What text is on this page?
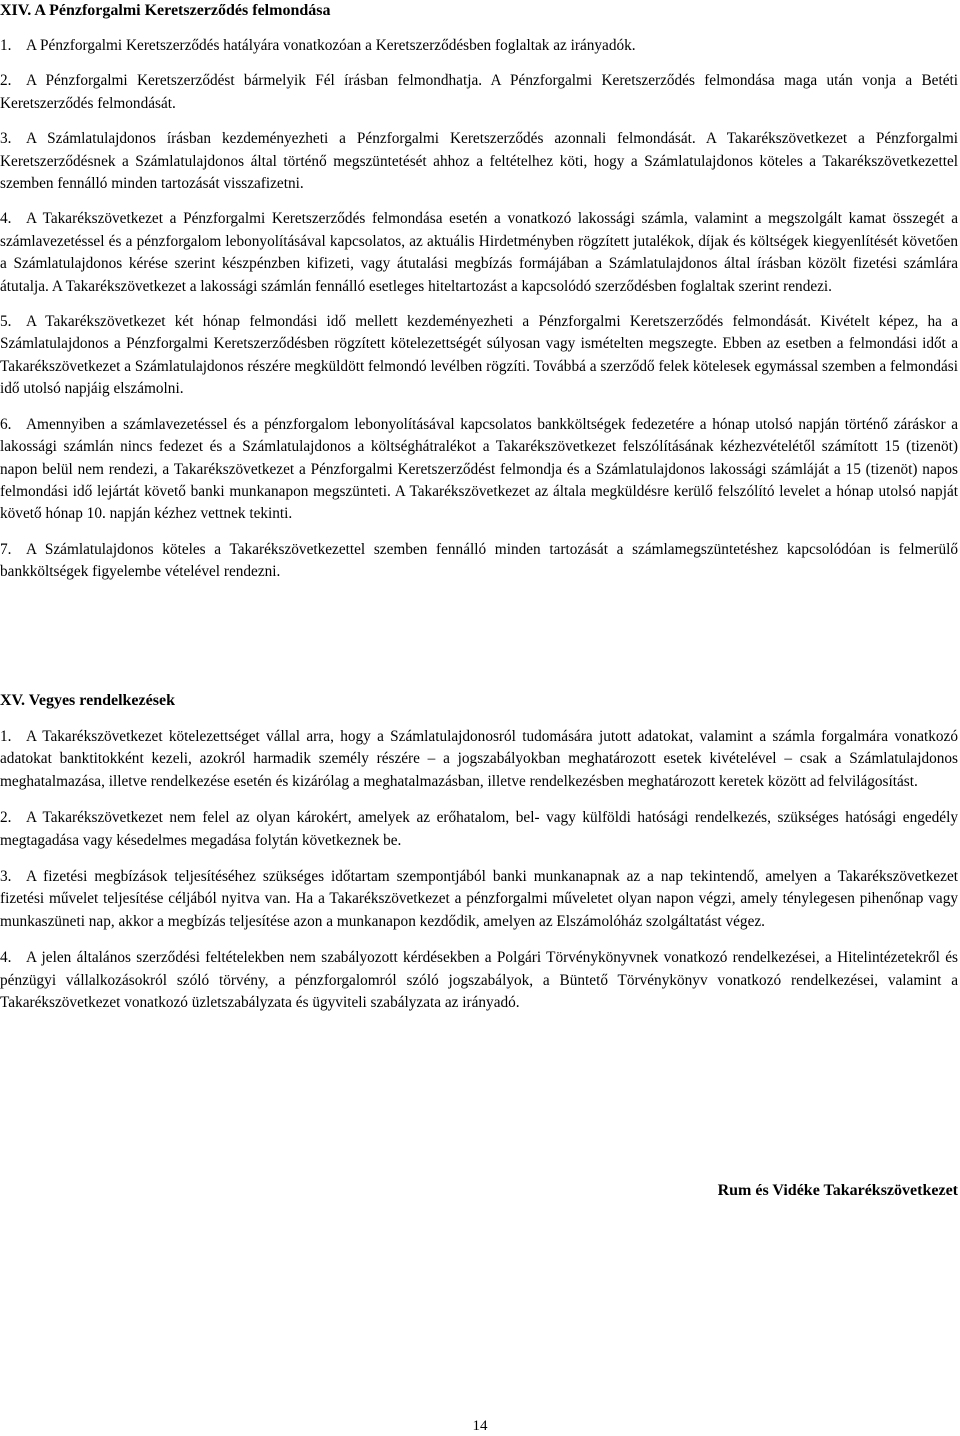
XIV. A Pénzforgalmi Keretszerződés felmondása

1. A Pénzforgalmi Keretszerződés hatályára vonatkozóan a Keretszerződésben foglaltak az irányadók.

2. A Pénzforgalmi Keretszerződést bármelyik Fél írásban felmondhatja. A Pénzforgalmi Keretszerződés felmondása maga után vonja a Betéti Keretszerződés felmondását.

3. A Számlatulajdonos írásban kezdeményezheti a Pénzforgalmi Keretszerződés azonnali felmondását. A Takarékszövetkezet a Pénzforgalmi Keretszerződésnek a Számlatulajdonos által történő megszüntetését ahhoz a feltételhez köti, hogy a Számlatulajdonos köteles a Takarékszövetkezettel szemben fennálló minden tartozását visszafizetni.

4. A Takarékszövetkezet a Pénzforgalmi Keretszerződés felmondása esetén a vonatkozó lakossági számla, valamint a megszolgált kamat összegét a számlavezetéssel és a pénzforgalom lebonyolításával kapcsolatos, az aktuális Hirdetményben rögzített jutalékok, díjak és költségek kiegyenlítését követően a Számlatulajdonos kérése szerint készpénzben kifizeti, vagy átutalási megbízás formájában a Számlatulajdonos által írásban közölt fizetési számlára átutalja. A Takarékszövetkezet a lakossági számlán fennálló esetleges hiteltartozást a kapcsolódó szerződésben foglaltak szerint rendezi.

5. A Takarékszövetkezet két hónap felmondási idő mellett kezdeményezheti a Pénzforgalmi Keretszerződés felmondását. Kivételt képez, ha a Számlatulajdonos a Pénzforgalmi Keretszerződésben rögzített kötelezettségét súlyosan vagy ismételten megszegte. Ebben az esetben a felmondási időt a Takarékszövetkezet a Számlatulajdonos részére megküldött felmondó levélben rögzíti. Továbbá a szerződő felek kötelesek egymással szemben a felmondási idő utolsó napjáig elszámolni.

6. Amennyiben a számlavezetéssel és a pénzforgalom lebonyolításával kapcsolatos bankköltségek fedezetére a hónap utolsó napján történő záráskor a lakossági számlán nincs fedezet és a Számlatulajdonos a költséghátralékot a Takarékszövetkezet felszólításának kézhezvételétől számított 15 (tizenöt) napon belül nem rendezi, a Takarékszövetkezet a Pénzforgalmi Keretszerződést felmondja és a Számlatulajdonos lakossági számláját a 15 (tizenöt) napos felmondási idő lejártát követő banki munkanapon megszünteti. A Takarékszövetkezet az általa megküldésre kerülő felszólító levelet a hónap utolsó napját követő hónap 10. napján kézhez vettnek tekinti.

7. A Számlatulajdonos köteles a Takarékszövetkezettel szemben fennálló minden tartozását a számlamegszüntetéshez kapcsolódóan is felmerülő bankköltségek figyelembe vételével rendezni.

XV. Vegyes rendelkezések

1. A Takarékszövetkezet kötelezettséget vállal arra, hogy a Számlatulajdonosról tudomására jutott adatokat, valamint a számla forgalmára vonatkozó adatokat banktitokként kezeli, azokról harmadik személy részére – a jogszabályokban meghatározott esetek kivételével – csak a Számlatulajdonos meghatalmazása, illetve rendelkezése esetén és kizárólag a meghatalmazásban, illetve rendelkezésben meghatározott keretek között ad felvilágosítást.

2. A Takarékszövetkezet nem felel az olyan károkért, amelyek az erőhatalom, bel- vagy külföldi hatósági rendelkezés, szükséges hatósági engedély megtagadása vagy késedelmes megadása folytán következnek be.

3. A fizetési megbízások teljesítéséhez szükséges időtartam szempontjából banki munkanapnak az a nap tekintendő, amelyen a Takarékszövetkezet fizetési művelet teljesítése céljából nyitva van. Ha a Takarékszövetkezet a pénzforgalmi műveletet olyan napon végzi, amely ténylegesen pihenőnap vagy munkaszüneti nap, akkor a megbízás teljesítése azon a munkanapon kezdődik, amelyen az Elszámolóház szolgáltatást végez.

4. A jelen általános szerződési feltételekben nem szabályozott kérdésekben a Polgári Törvénykönyvnek vonatkozó rendelkezései, a Hitelintézetekről és pénzügyi vállalkozásokról szóló törvény, a pénzforgalomról szóló jogszabályok, a Büntető Törvénykönyv vonatkozó rendelkezései, valamint a Takarékszövetkezet vonatkozó üzletszabályzata és ügyviteli szabályzata az irányadó.

Rum és Vidéke Takarékszövetkezet
14
